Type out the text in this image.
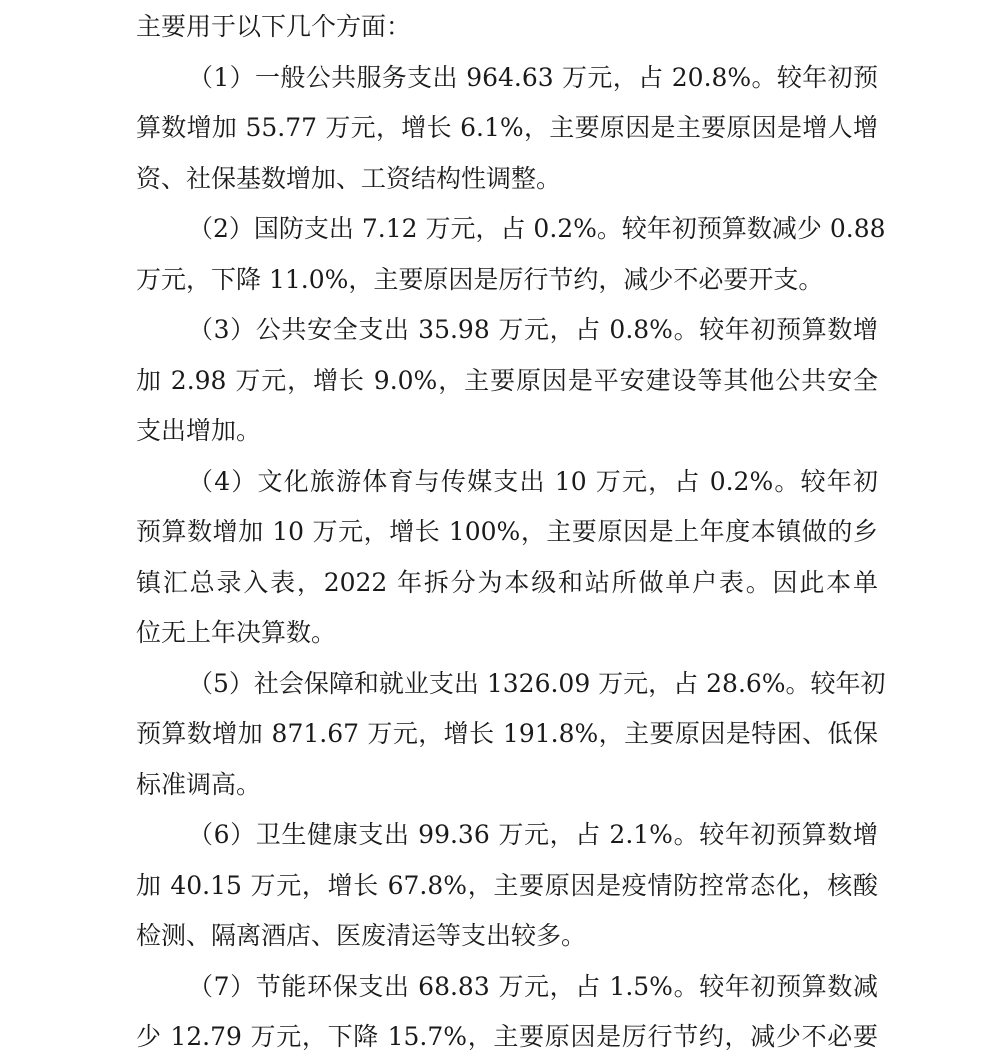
主要用于以下几个方面：
（1）一般公共服务支出 964.63 万元，占 20.8%。较年初预
算数增加 55.77 万元，增长 6.1%，主要原因是主要原因是增人增
资、社保基数增加、工资结构性调整。
（2）国防支出 7.12 万元，占 0.2%。较年初预算数减少 0.88
万元，下降 11.0%，主要原因是厉行节约，减少不必要开支。
（3）公共安全支出 35.98 万元，占 0.8%。较年初预算数增
加 2.98 万元，增长 9.0%，主要原因是平安建设等其他公共安全
支出增加。
（4）文化旅游体育与传媒支出 10 万元，占 0.2%。较年初
预算数增加 10 万元，增长 100%，主要原因是上年度本镇做的乡
镇汇总录入表，2022 年拆分为本级和站所做单户表。因此本单
位无上年决算数。
（5）社会保障和就业支出 1326.09 万元，占 28.6%。较年初
预算数增加 871.67 万元，增长 191.8%，主要原因是特困、低保
标准调高。
（6）卫生健康支出 99.36 万元，占 2.1%。较年初预算数增
加 40.15 万元，增长 67.8%，主要原因是疫情防控常态化，核酸
检测、隔离酒店、医废清运等支出较多。
（7）节能环保支出 68.83 万元，占 1.5%。较年初预算数减
少 12.79 万元，下降 15.7%，主要原因是厉行节约，减少不必要
